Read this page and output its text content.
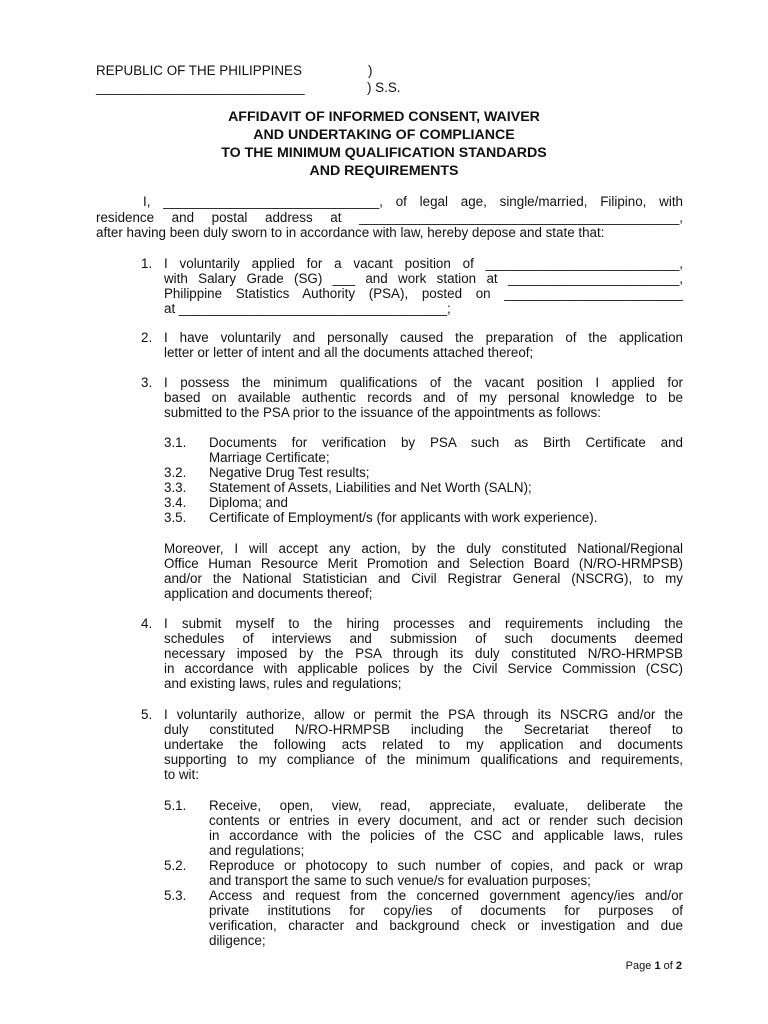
REPUBLIC OF THE PHILIPPINES	)
____________________________	) S.S.
AFFIDAVIT OF INFORMED CONSENT, WAIVER
AND UNDERTAKING OF COMPLIANCE
TO THE MINIMUM QUALIFICATION STANDARDS
AND REQUIREMENTS
I, _____________________________, of legal age, single/married, Filipino, with
residence and postal address at ___________________________________________,
after having been duly sworn to in accordance with law, hereby depose and state that:
1. I voluntarily applied for a vacant position of __________________________,
with Salary Grade (SG) ___ and work station at _______________________,
Philippine Statistics Authority (PSA), posted on ________________________
at ____________________________________;
2. I have voluntarily and personally caused the preparation of the application
letter or letter of intent and all the documents attached thereof;
3. I possess the minimum qualifications of the vacant position I applied for
based on available authentic records and of my personal knowledge to be
submitted to the PSA prior to the issuance of the appointments as follows:
3.1. Documents for verification by PSA such as Birth Certificate and
Marriage Certificate;
3.2. Negative Drug Test results;
3.3. Statement of Assets, Liabilities and Net Worth (SALN);
3.4. Diploma; and
3.5. Certificate of Employment/s (for applicants with work experience).
Moreover, I will accept any action, by the duly constituted National/Regional
Office Human Resource Merit Promotion and Selection Board (N/RO-HRMPSB)
and/or the National Statistician and Civil Registrar General (NSCRG), to my
application and documents thereof;
4. I submit myself to the hiring processes and requirements including the
schedules of interviews and submission of such documents deemed
necessary imposed by the PSA through its duly constituted N/RO-HRMPSB
in accordance with applicable polices by the Civil Service Commission (CSC)
and existing laws, rules and regulations;
5. I voluntarily authorize, allow or permit the PSA through its NSCRG and/or the
duly constituted N/RO-HRMPSB including the Secretariat thereof to
undertake the following acts related to my application and documents
supporting to my compliance of the minimum qualifications and requirements,
to wit:
5.1. Receive, open, view, read, appreciate, evaluate, deliberate the
contents or entries in every document, and act or render such decision
in accordance with the policies of the CSC and applicable laws, rules
and regulations;
5.2. Reproduce or photocopy to such number of copies, and pack or wrap
and transport the same to such venue/s for evaluation purposes;
5.3. Access and request from the concerned government agency/ies and/or
private institutions for copy/ies of documents for purposes of
verification, character and background check or investigation and due
diligence;
Page 1 of 2
